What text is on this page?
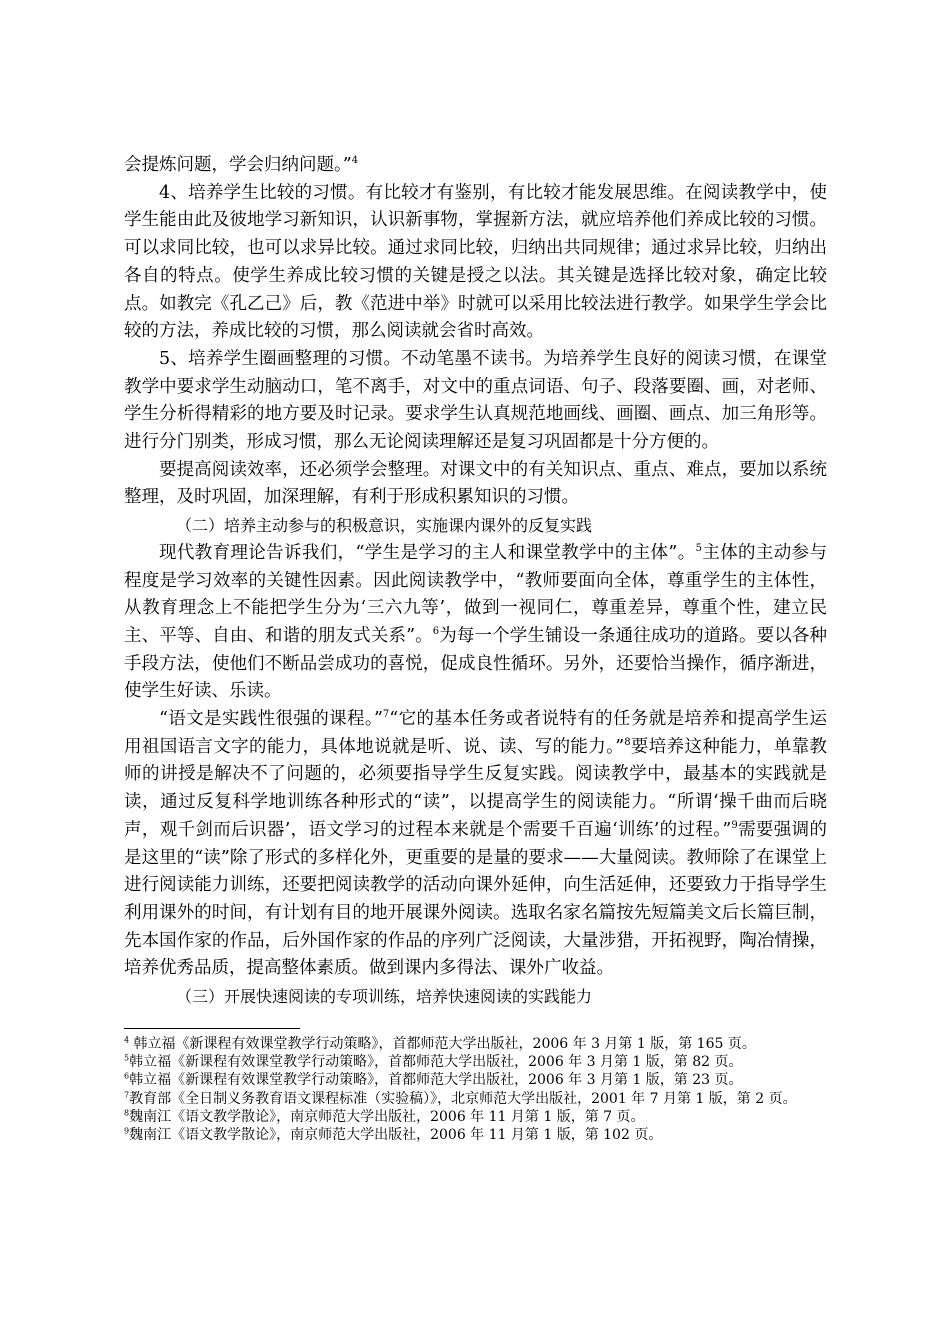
会提炼问题，学会归纳问题。”$^4$

4、培养学生比较的习惯。有比较才有鉴别，有比较才能发展思维。在阅读教学中，使学生能由此及彼地学习新知识，认识新事物，掌握新方法，就应培养他们养成比较的习惯。可以求同比较，也可以求异比较。通过求同比较，归纳出共同规律；通过求异比较，归纳出各自的特点。使学生养成比较习惯的关键是授之以法。其关键是选择比较对象，确定比较点。如教完《孔乙己》后，教《范进中举》时就可以采用比较法进行教学。如果学生学会比较的方法，养成比较的习惯，那么阅读就会省时高效。

5、培养学生圈画整理的习惯。不动笔墨不读书。为培养学生良好的阅读习惯，在课堂教学中要求学生动脑动口，笔不离手，对文中的重点词语、句子、段落要圈、画，对老师、学生分析得精彩的地方要及时记录。要求学生认真规范地画线、画圈、画点、加三角形等。进行分门别类，形成习惯，那么无论阅读理解还是复习巩固都是十分方便的。

要提高阅读效率，还必须学会整理。对课文中的有关知识点、重点、难点，要加以系统整理，及时巩固，加深理解，有利于形成积累知识的习惯。

（二）培养主动参与的积极意识，实施课内课外的反复实践

现代教育理论告诉我们，“学生是学习的主人和课堂教学中的主体”。$^5$主体的主动参与程度是学习效率的关键性因素。因此阅读教学中，“教师要面向全体，尊重学生的主体性，从教育理念上不能把学生分为‘三六九等’，做到一视同仁，尊重差异，尊重个性，建立民主、平等、自由、和谐的朋友式关系”。$^6$为每一个学生铺设一条通往成功的道路。要以各种手段方法，使他们不断品尝成功的喜悦，促成良性循环。另外，还要恰当操作，循序渐进，使学生好读、乐读。

“语文是实践性很强的课程。”$^7$“它的基本任务或者说特有的任务就是培养和提高学生运用祖国语言文字的能力，具体地说就是听、说、读、写的能力。”$^8$要培养这种能力，单靠教师的讲授是解决不了问题的，必须要指导学生反复实践。阅读教学中，最基本的实践就是读，通过反复科学地训练各种形式的“读”，以提高学生的阅读能力。“所谓‘操千曲而后晓声，观千剑而后识器’，语文学习的过程本来就是个需要千百遍‘训练’的过程。”$^9$需要强调的是这里的“读”除了形式的多样化外，更重要的是量的要求——大量阅读。教师除了在课堂上进行阅读能力训练，还要把阅读教学的活动向课外延伸，向生活延伸，还要致力于指导学生利用课外的时间，有计划有目的地开展课外阅读。选取名家名篇按先短篇美文后长篇巨制，先本国作家的作品，后外国作家的作品的序列广泛阅读，大量涉猎，开拓视野，陶冶情操，培养优秀品质，提高整体素质。做到课内多得法、课外广收益。

（三）开展快速阅读的专项训练，培养快速阅读的实践能力

$^4$ 韩立福《新课程有效课堂教学行动策略》，首都师范大学出版社，2006 年 3 月第 1 版，第 165 页。

$^5$韩立福《新课程有效课堂教学行动策略》，首都师范大学出版社，2006 年 3 月第 1 版，第 82 页。

$^6$韩立福《新课程有效课堂教学行动策略》，首都师范大学出版社，2006 年 3 月第 1 版，第 23 页。

$^7$教育部《全日制义务教育语文课程标准（实验稿）》，北京师范大学出版社，2001 年 7 月第 1 版，第 2 页。

$^8$魏南江《语文教学散论》，南京师范大学出版社，2006 年 11 月第 1 版，第 7 页。

$^9$魏南江《语文教学散论》，南京师范大学出版社，2006 年 11 月第 1 版，第 102 页。
